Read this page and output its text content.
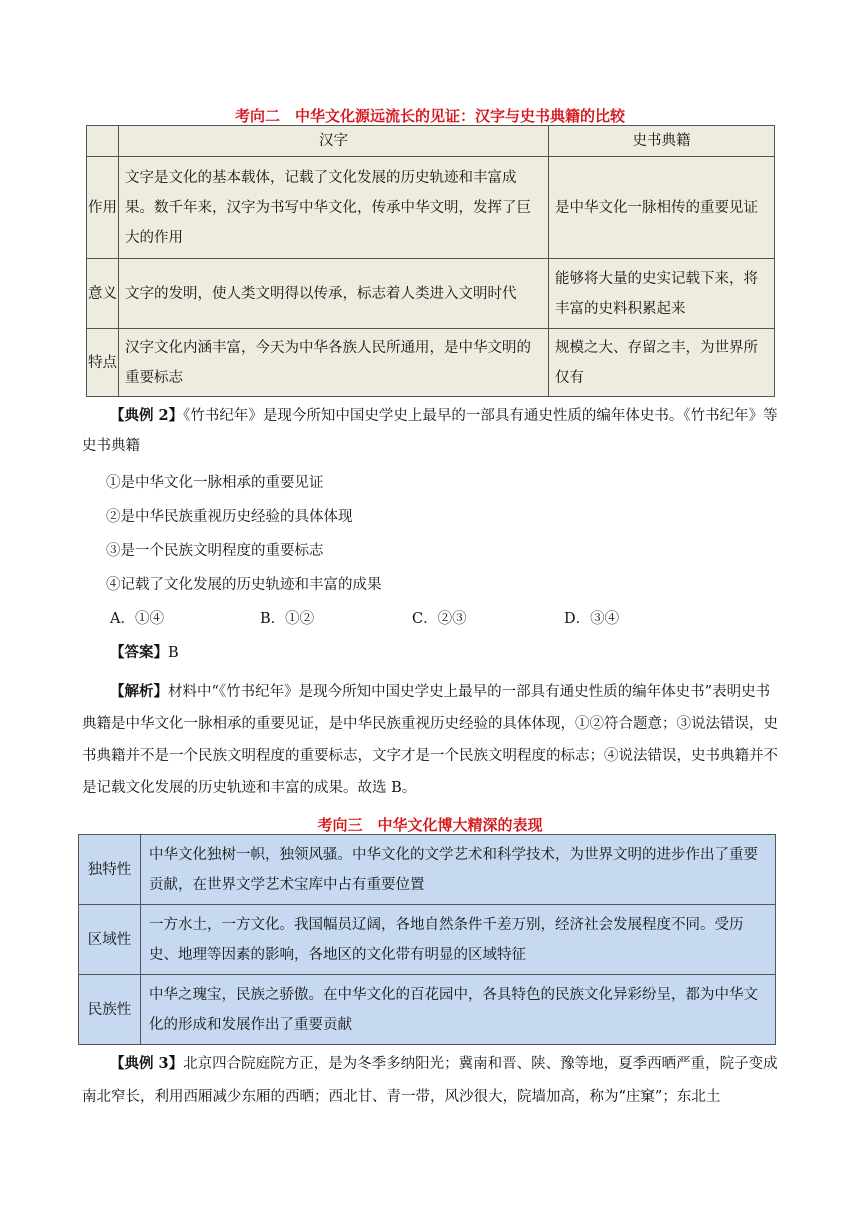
考向二　中华文化源远流长的见证：汉字与史书典籍的比较
	汉字	史书典籍
作用	文字是文化的基本载体，记载了文化发展的历史轨迹和丰富成果。数千年来，汉字为书写中华文化，传承中华文明，发挥了巨大的作用	是中华文化一脉相传的重要见证
意义	文字的发明，使人类文明得以传承，标志着人类进入文明时代	能够将大量的史实记载下来，将丰富的史料积累起来
特点	汉字文化内涵丰富，今天为中华各族人民所通用，是中华文明的重要标志	规模之大、存留之丰，为世界所仅有
【典例 2】《竹书纪年》是现今所知中国史学史上最早的一部具有通史性质的编年体史书。《竹书纪年》等史书典籍
①是中华文化一脉相承的重要见证
②是中华民族重视历史经验的具体体现
③是一个民族文明程度的重要标志
④记载了文化发展的历史轨迹和丰富的成果
A．①④	B．①②	C．②③	D．③④
【答案】B
【解析】材料中“《竹书纪年》是现今所知中国史学史上最早的一部具有通史性质的编年体史书”表明史书典籍是中华文化一脉相承的重要见证，是中华民族重视历史经验的具体体现，①②符合题意；③说法错误，史书典籍并不是一个民族文明程度的重要标志，文字才是一个民族文明程度的标志；④说法错误，史书典籍并不是记载文化发展的历史轨迹和丰富的成果。故选 B。
考向三　中华文化博大精深的表现
独特性	中华文化独树一帜，独领风骚。中华文化的文学艺术和科学技术，为世界文明的进步作出了重要贡献，在世界文学艺术宝库中占有重要位置
区域性	一方水土，一方文化。我国幅员辽阔，各地自然条件千差万别，经济社会发展程度不同。受历史、地理等因素的影响，各地区的文化带有明显的区域特征
民族性	中华之瑰宝，民族之骄傲。在中华文化的百花园中，各具特色的民族文化异彩纷呈，都为中华文化的形成和发展作出了重要贡献
【典例 3】北京四合院庭院方正，是为冬季多纳阳光；冀南和晋、陕、豫等地，夏季西晒严重，院子变成南北窄长，利用西厢减少东厢的西晒；西北甘、青一带，风沙很大，院墙加高，称为“庄窠”；东北土
